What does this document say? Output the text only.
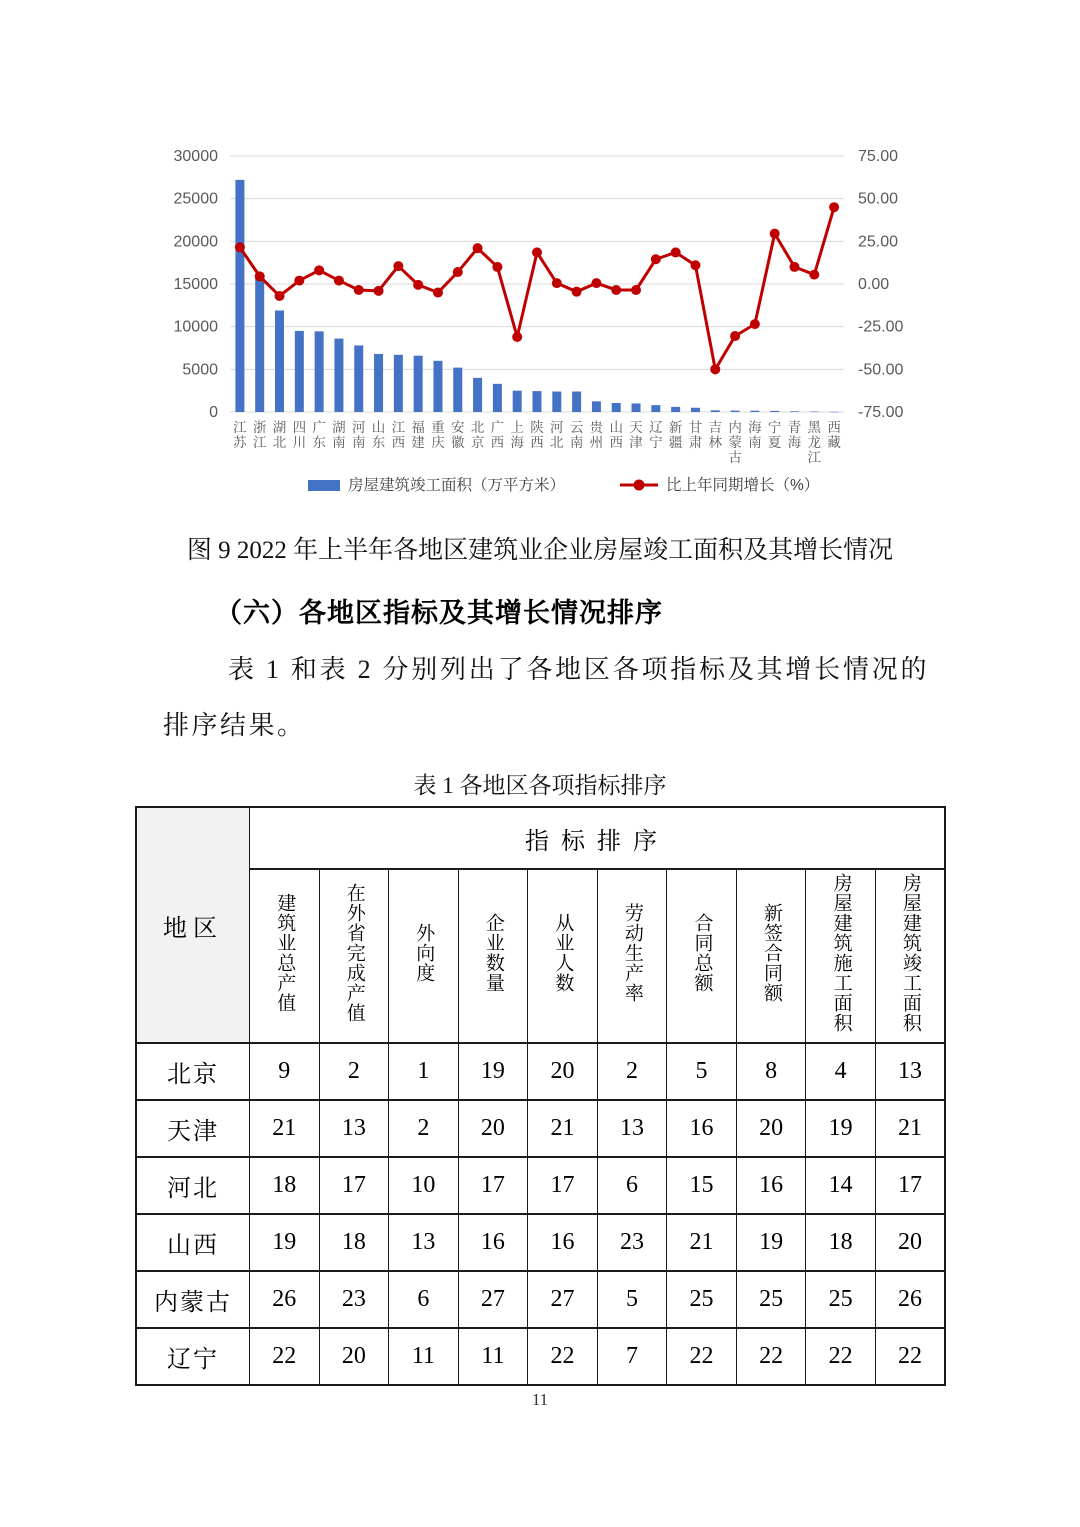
0
5000
10000
15000
20000
25000
30000
-75.00
-50.00
-25.00
0.00
25.00
50.00
75.00
江
苏
浙
江
湖
北
四
川
广
东
湖
南
河
南
山
东
江
西
福
建
重
庆
安
徽
北
京
广
西
上
海
陕
西
河
北
云
南
贵
州
山
西
天
津
辽
宁
新
疆
甘
肃
吉
林
内
蒙
古
海
南
宁
夏
青
海
黑
龙
江
西
藏
房屋建筑竣工面积（万平方米）	比上年同期增长（%）
图 9 2022 年上半年各地区建筑业企业房屋竣工面积及其增长情况
（六）各地区指标及其增长情况排序
表 1 和表 2 分别列出了各地区各项指标及其增长情况的排序结果。
表 1 各地区各项指标排序
地区	指标排序									
	建筑业总产值	在外省完成产值	外向度	企业数量	从业人数	劳动生产率	合同总额	新签合同额	房屋建筑施工面积	房屋建筑竣工面积
北京	9	2	1	19	20	2	5	8	4	13
天津	21	13	2	20	21	13	16	20	19	21
河北	18	17	10	17	17	6	15	16	14	17
山西	19	18	13	16	16	23	21	19	18	20
内蒙古	26	23	6	27	27	5	25	25	25	26
辽宁	22	20	11	11	22	7	22	22	22	22
11
